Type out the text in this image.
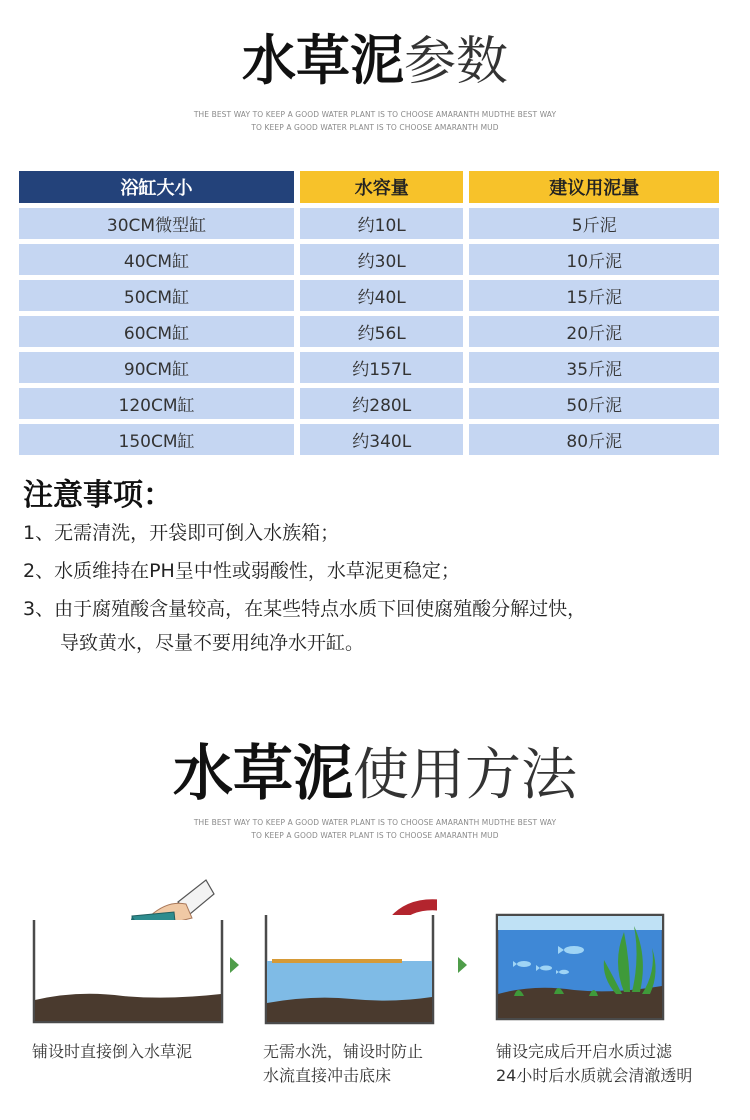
水草泥参数
THE BEST WAY TO KEEP A GOOD WATER PLANT IS TO CHOOSE AMARANTH MUDTHE BEST WAY
TO KEEP A GOOD WATER PLANT IS TO CHOOSE AMARANTH MUD
浴缸大小	水容量	建议用泥量
30CM微型缸	约10L	5斤泥
40CM缸	约30L	10斤泥
50CM缸	约40L	15斤泥
60CM缸	约56L	20斤泥
90CM缸	约157L	35斤泥
120CM缸	约280L	50斤泥
150CM缸	约340L	80斤泥
注意事项：
1、无需清洗，开袋即可倒入水族箱；
2、水质维持在PH呈中性或弱酸性，水草泥更稳定；
3、由于腐殖酸含量较高，在某些特点水质下回使腐殖酸分解过快，
导致黄水，尽量不要用纯净水开缸。
水草泥使用方法
THE BEST WAY TO KEEP A GOOD WATER PLANT IS TO CHOOSE AMARANTH MUDTHE BEST WAY
TO KEEP A GOOD WATER PLANT IS TO CHOOSE AMARANTH MUD
铺设时直接倒入水草泥	无需水洗，铺设时防止
水流直接冲击底床
铺设完成后开启水质过滤
24小时后水质就会清澈透明
